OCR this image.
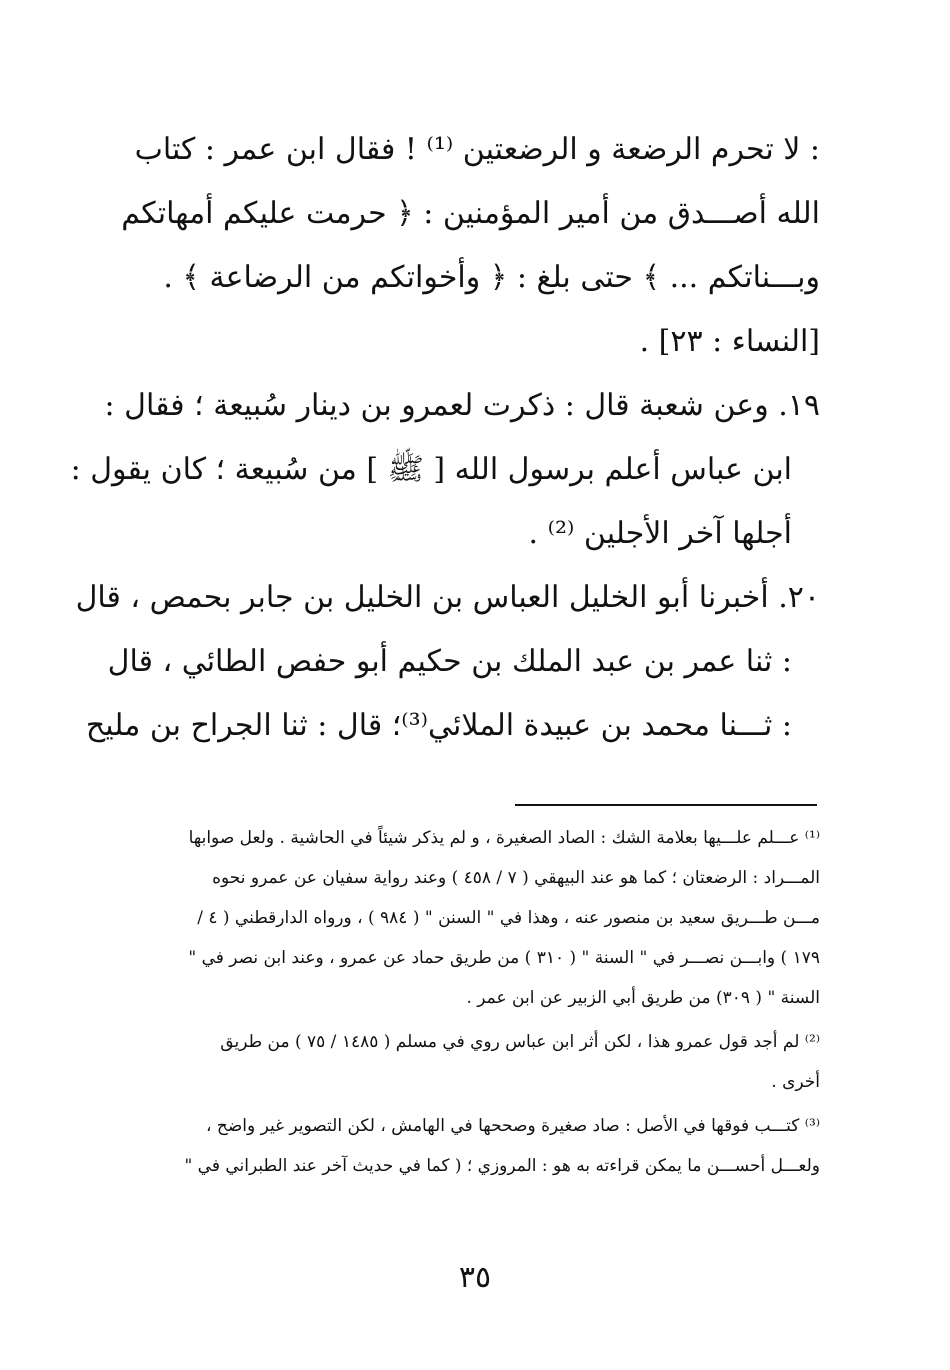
: لا تحرم الرضعة و الرضعتين ⁽¹⁾ ! فقال ابن عمر : كتاب
الله أصـــدق من أمير المؤمنين : ﴿ حرمت عليكم أمهاتكم
وبـــناتكم ... ﴾ حتى بلغ : ﴿ وأخواتكم من الرضاعة ﴾ .
[النساء : ٢٣] .
١٩. وعن شعبة قال : ذكرت لعمرو بن دينار سُبيعة ؛ فقال :
ابن عباس أعلم برسول الله [ ﷺ ] من سُبيعة ؛ كان يقول :
أجلها آخر الأجلين ⁽²⁾ .
٢٠. أخبرنا أبو الخليل العباس بن الخليل بن جابر بحمص ، قال
: ثنا عمر بن عبد الملك بن حكيم أبو حفص الطائي ، قال
: ثـــنا محمد بن عبيدة الملائي⁽³⁾؛ قال : ثنا الجراح بن مليح
⁽¹⁾ عـــلم علـــيها بعلامة الشك : الصاد الصغيرة ، و لم يذكر شيئاً في الحاشية . ولعل صوابها
المـــراد : الرضعتان ؛ كما هو عند البيهقي ( ٧ / ٤٥٨ ) وعند رواية سفيان عن عمرو نحوه
مـــن طـــريق سعيد بن منصور عنه ، وهذا في " السنن " ( ٩٨٤ ) ، ورواه الدارقطني ( ٤ /
١٧٩ ) وابـــن نصـــر في " السنة " ( ٣١٠ ) من طريق حماد عن عمرو ، وعند ابن نصر في "
السنة " ( ٣٠٩) من طريق أبي الزبير عن ابن عمر .
⁽²⁾ لم أجد قول عمرو هذا ، لكن أثر ابن عباس روي في مسلم ( ١٤٨٥ / ٧٥ ) من طريق
أخرى .
⁽³⁾ كتـــب فوقها في الأصل : صاد صغيرة وصححها في الهامش ، لكن التصوير غير واضح ،
ولعـــل أحســـن ما يمكن قراءته به هو : المروزي ؛ ( كما في حديث آخر عند الطبراني في "
٣٥
